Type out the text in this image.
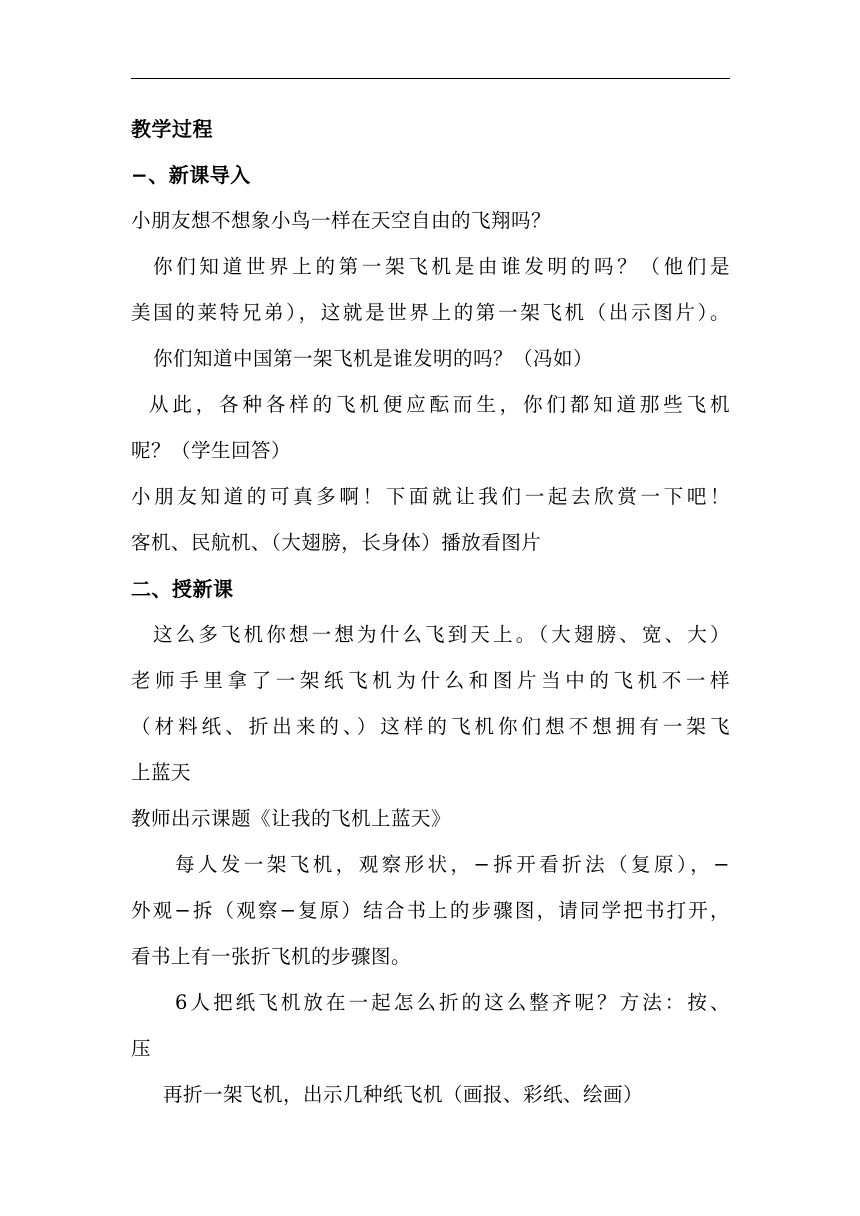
教学过程

−、新课导入

小朋友想不想象小鸟一样在天空自由的飞翔吗？

你们知道世界上的第一架飞机是由谁发明的吗？（他们是

美国的莱特兄弟），这就是世界上的第一架飞机（出示图片）。

你们知道中国第一架飞机是谁发明的吗？（冯如）

从此，各种各样的飞机便应酝而生，你们都知道那些飞机

呢？（学生回答）

小朋友知道的可真多啊！下面就让我们一起去欣赏一下吧！

客机、民航机、（大翅膀，长身体）播放看图片

二、授新课

这么多飞机你想一想为什么飞到天上。（大翅膀、宽、大）

老师手里拿了一架纸飞机为什么和图片当中的飞机不一样

（材料纸、折出来的、）这样的飞机你们想不想拥有一架飞

上蓝天

教师出示课题《让我的飞机上蓝天》

每人发一架飞机，观察形状，−拆开看折法（复原），−

外观−拆（观察−复原）结合书上的步骤图，请同学把书打开，

看书上有一张折飞机的步骤图。

6人把纸飞机放在一起怎么折的这么整齐呢？方法：按、

压

再折一架飞机，出示几种纸飞机（画报、彩纸、绘画）
